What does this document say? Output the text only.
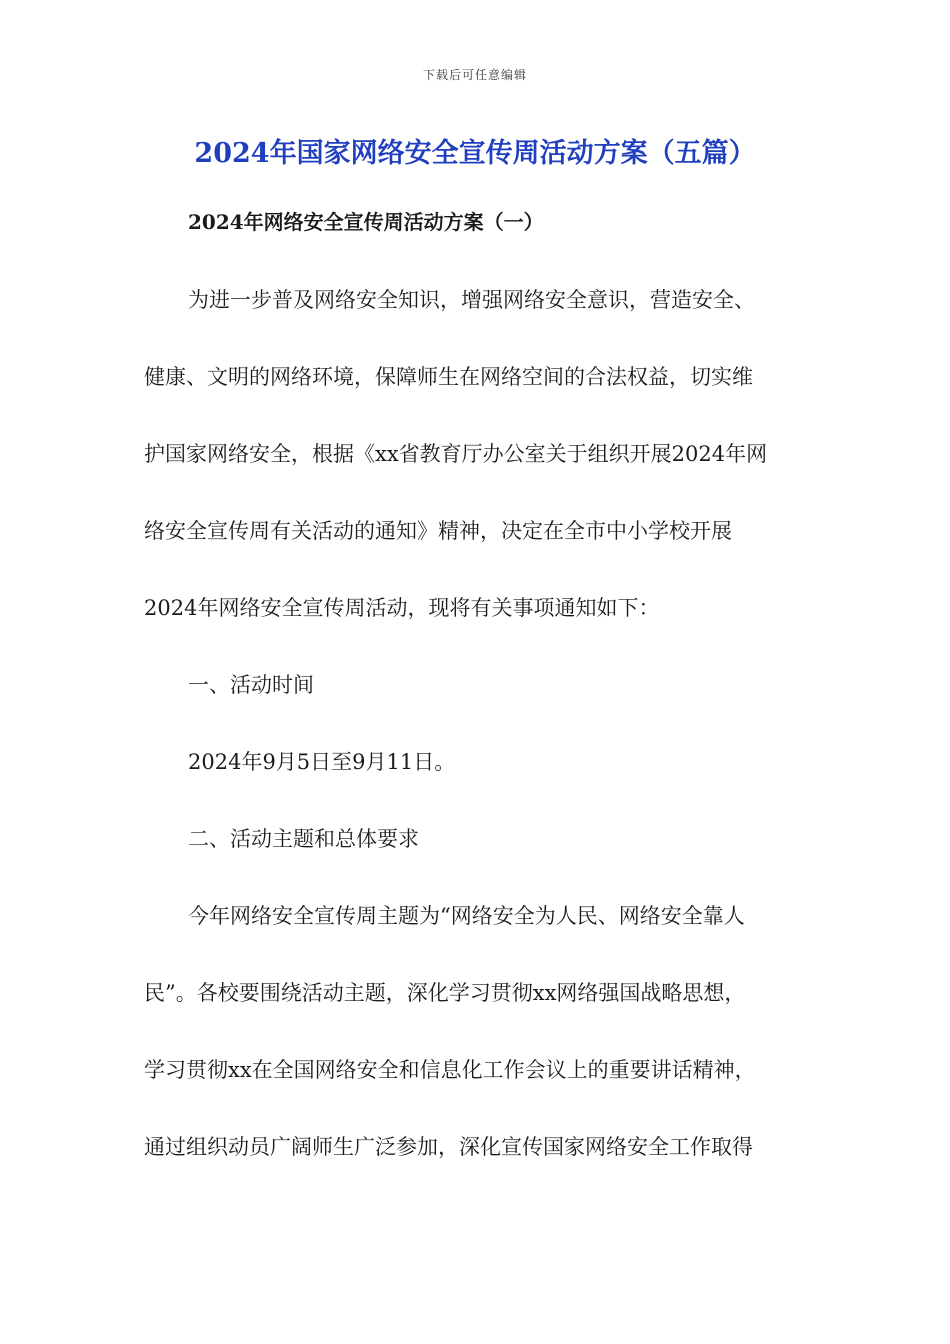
下载后可任意编辑
2024年国家网络安全宣传周活动方案（五篇）
2024年网络安全宣传周活动方案（一）

为进一步普及网络安全知识，增强网络安全意识，营造安全、
健康、文明的网络环境，保障师生在网络空间的合法权益，切实维
护国家网络安全，根据《xx省教育厅办公室关于组织开展2024年网
络安全宣传周有关活动的通知》精神，决定在全市中小学校开展
2024年网络安全宣传周活动，现将有关事项通知如下：

一、活动时间

2024年9月5日至9月11日。

二、活动主题和总体要求

今年网络安全宣传周主题为“网络安全为人民、网络安全靠人
民”。各校要围绕活动主题，深化学习贯彻xx网络强国战略思想，
学习贯彻xx在全国网络安全和信息化工作会议上的重要讲话精神，
通过组织动员广阔师生广泛参加，深化宣传国家网络安全工作取得
